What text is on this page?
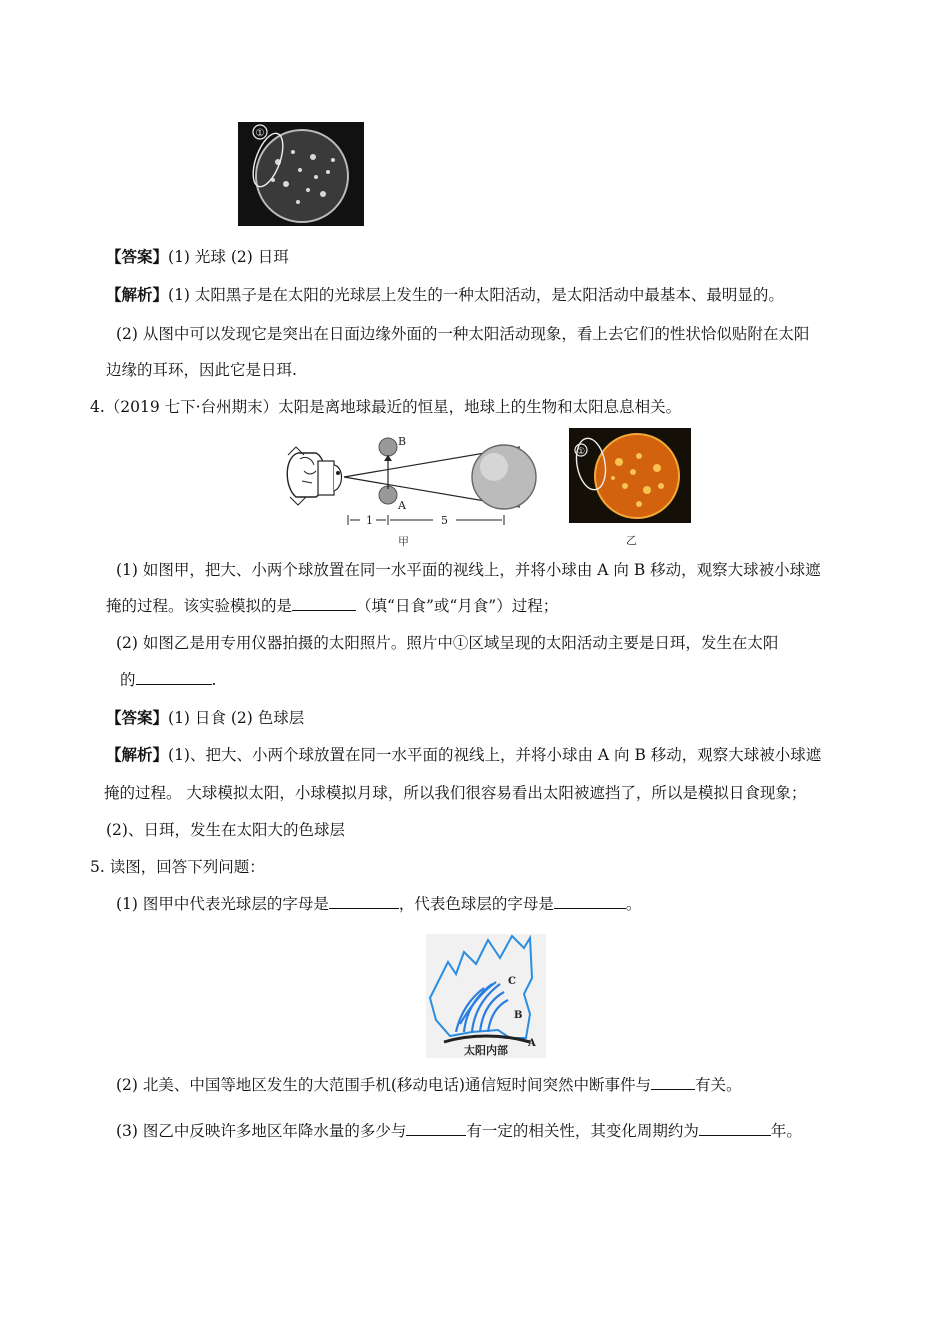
①
【答案】(1) 光球 (2) 日珥
【解析】(1) 太阳黑子是在太阳的光球层上发生的一种太阳活动，是太阳活动中最基本、最明显的。
(2) 从图中可以发现它是突出在日面边缘外面的一种太阳活动现象，看上去它们的性状恰似贴附在太阳
边缘的耳环，因此它是日珥.
4.（2019 七下·台州期末）太阳是离地球最近的恒星，地球上的生物和太阳息息相关。
B
A
1	5
甲
①
乙
(1) 如图甲，把大、小两个球放置在同一水平面的视线上，并将小球由 A 向 B 移动，观察大球被小球遮
掩的过程。该实验模拟的是	（填“日食”或“月食”）过程；
(2) 如图乙是用专用仪器拍摄的太阳照片。照片中①区域呈现的太阳活动主要是日珥，发生在太阳
的	.
【答案】(1) 日食 (2) 色球层
【解析】(1)、把大、小两个球放置在同一水平面的视线上，并将小球由 A 向 B 移动，观察大球被小球遮
掩的过程。 大球模拟太阳，小球模拟月球，所以我们很容易看出太阳被遮挡了，所以是模拟日食现象；
(2)、日珥，发生在太阳大的色球层
5. 读图，回答下列问题：
(1) 图甲中代表光球层的字母是	，代表色球层的字母是	。
C
B
A
太阳内部
(2) 北美、中国等地区发生的大范围手机(移动电话)通信短时间突然中断事件与	有关。
(3) 图乙中反映许多地区年降水量的多少与	有一定的相关性，其变化周期约为	年。
